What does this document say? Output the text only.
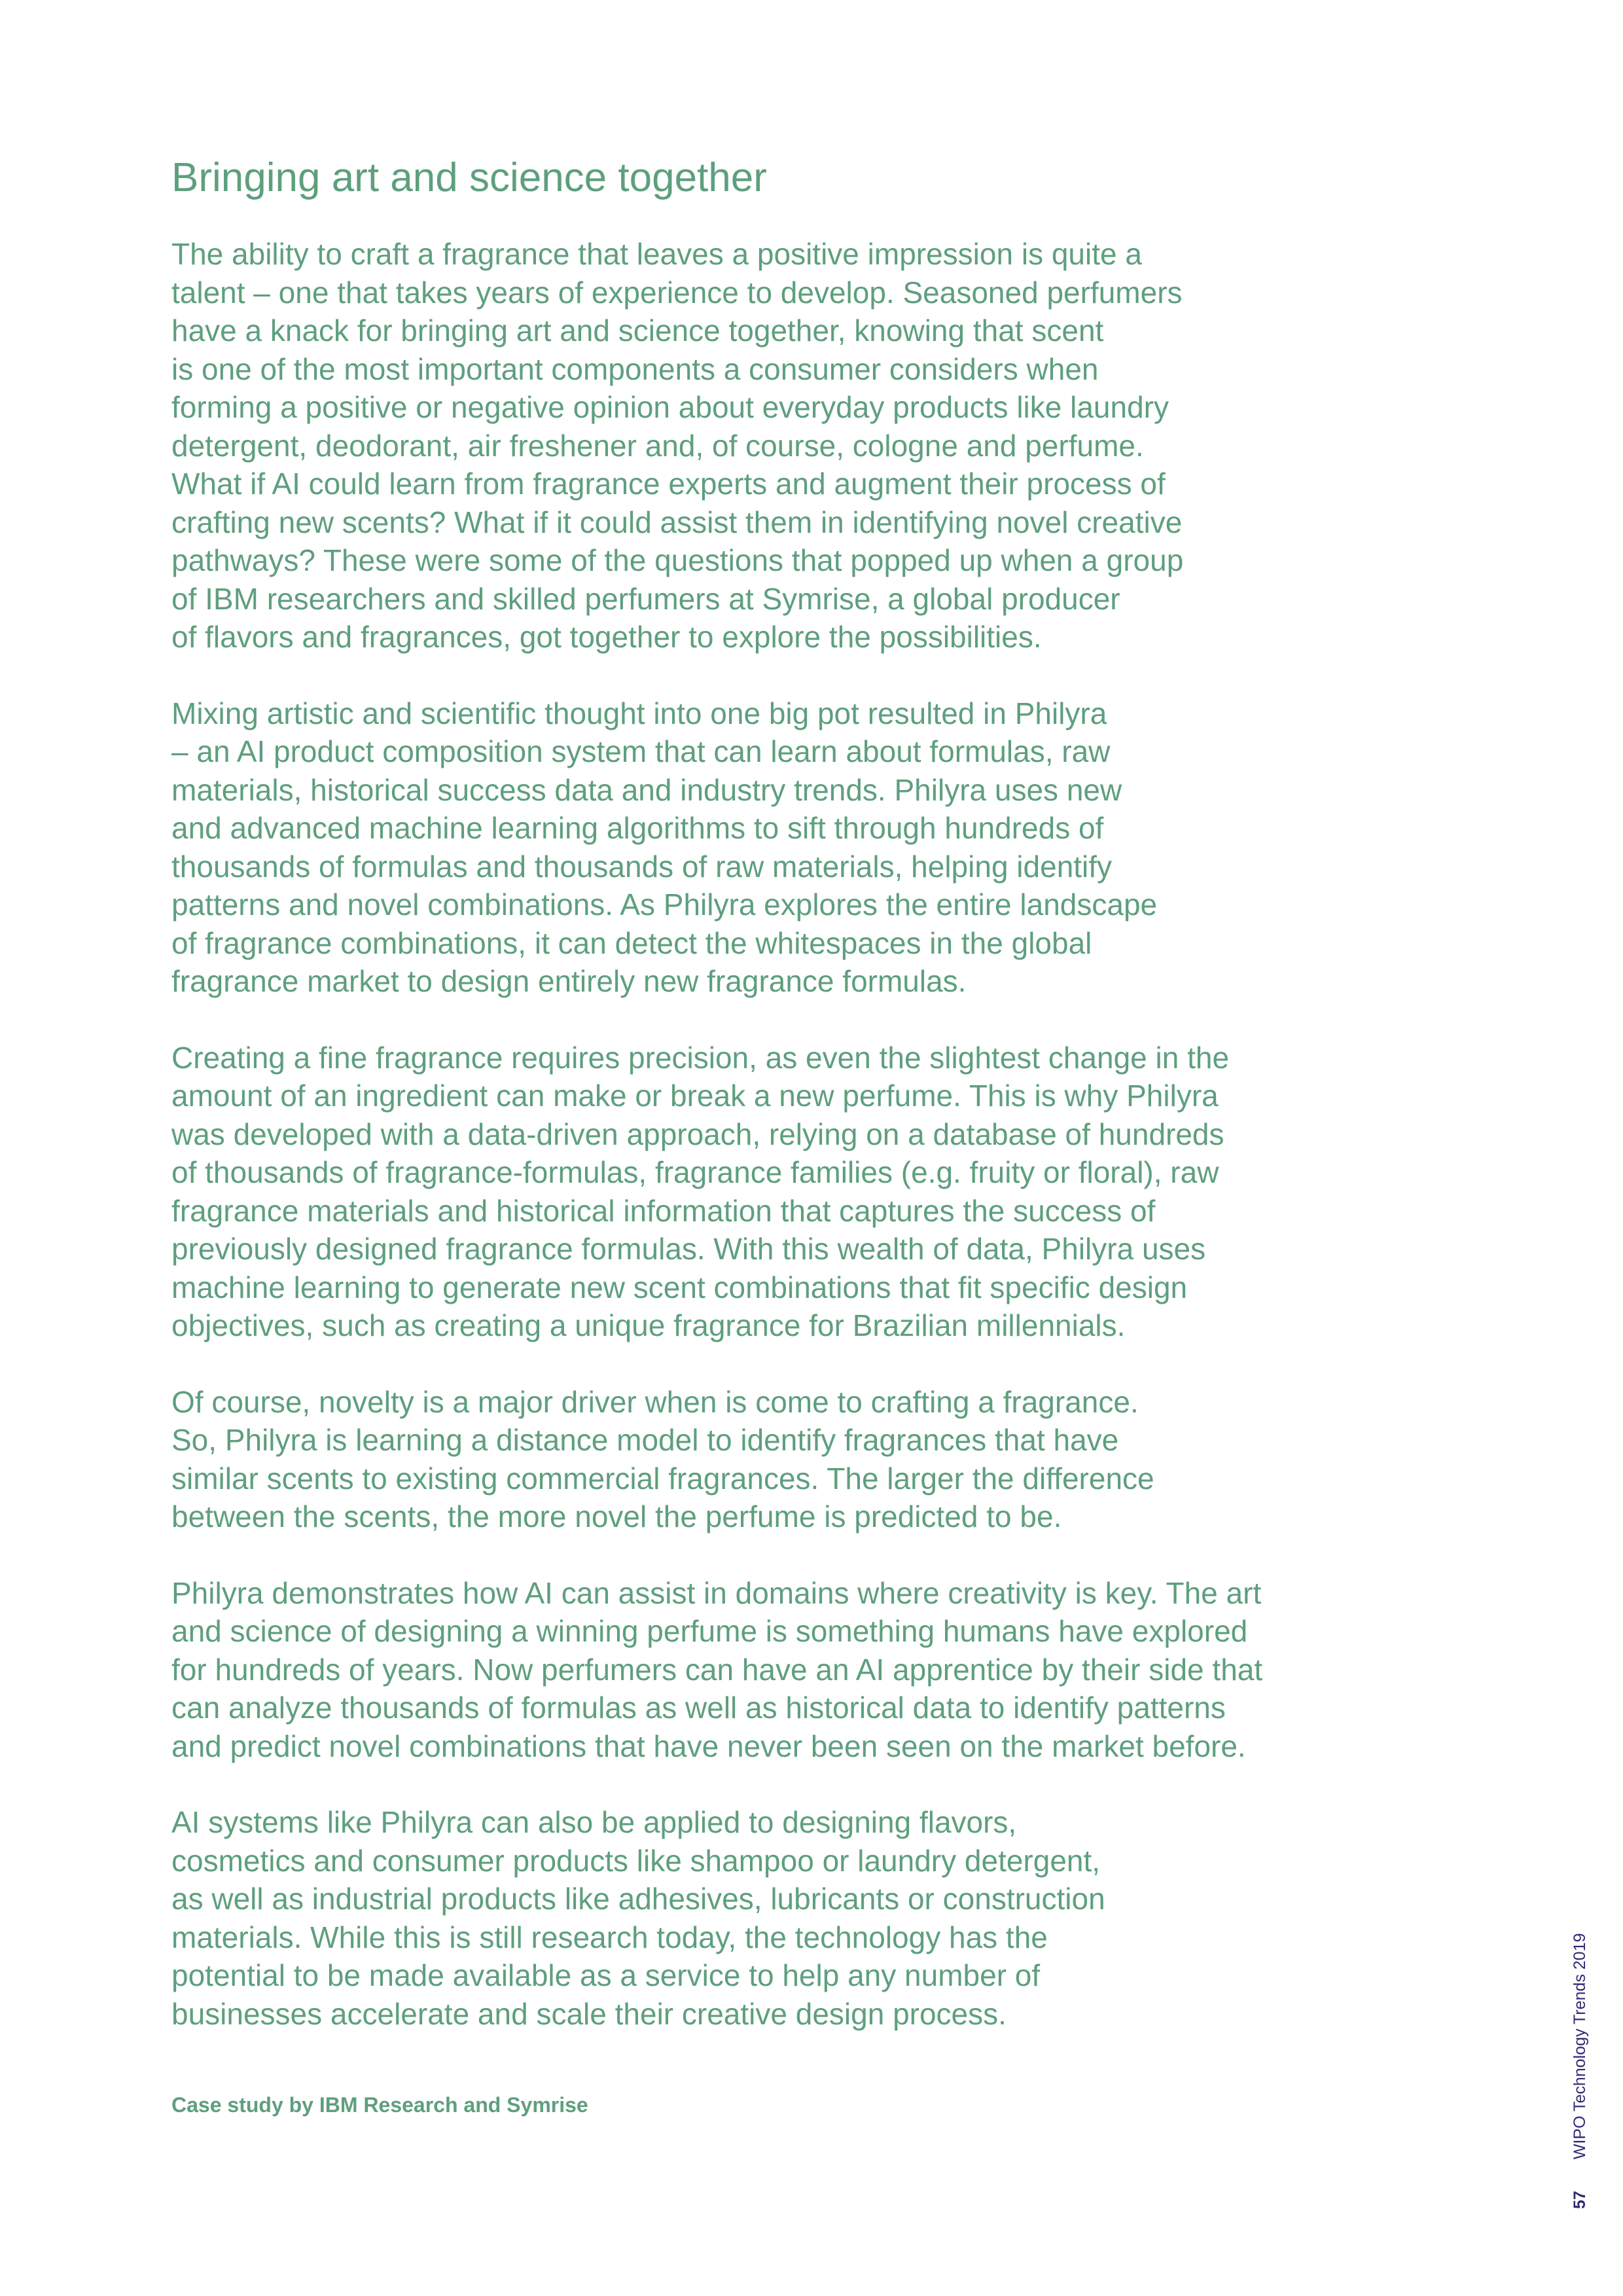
Bringing art and science together
The ability to craft a fragrance that leaves a positive impression is quite a
talent – one that takes years of experience to develop. Seasoned perfumers
have a knack for bringing art and science together, knowing that scent
is one of the most important components a consumer considers when
forming a positive or negative opinion about everyday products like laundry
detergent, deodorant, air freshener and, of course, cologne and perfume.
What if AI could learn from fragrance experts and augment their process of
crafting new scents? What if it could assist them in identifying novel creative
pathways? These were some of the questions that popped up when a group
of IBM researchers and skilled perfumers at Symrise, a global producer
of flavors and fragrances, got together to explore the possibilities.
Mixing artistic and scientific thought into one big pot resulted in Philyra
– an AI product composition system that can learn about formulas, raw
materials, historical success data and industry trends. Philyra uses new
and advanced machine learning algorithms to sift through hundreds of
thousands of formulas and thousands of raw materials, helping identify
patterns and novel combinations. As Philyra explores the entire landscape
of fragrance combinations, it can detect the whitespaces in the global
fragrance market to design entirely new fragrance formulas.
Creating a fine fragrance requires precision, as even the slightest change in the
amount of an ingredient can make or break a new perfume. This is why Philyra
was developed with a data-driven approach, relying on a database of hundreds
of thousands of fragrance-formulas, fragrance families (e.g. fruity or floral), raw
fragrance materials and historical information that captures the success of
previously designed fragrance formulas. With this wealth of data, Philyra uses
machine learning to generate new scent combinations that fit specific design
objectives, such as creating a unique fragrance for Brazilian millennials.
Of course, novelty is a major driver when is come to crafting a fragrance.
So, Philyra is learning a distance model to identify fragrances that have
similar scents to existing commercial fragrances. The larger the difference
between the scents, the more novel the perfume is predicted to be.
Philyra demonstrates how AI can assist in domains where creativity is key. The art
and science of designing a winning perfume is something humans have explored
for hundreds of years. Now perfumers can have an AI apprentice by their side that
can analyze thousands of formulas as well as historical data to identify patterns
and predict novel combinations that have never been seen on the market before.
AI systems like Philyra can also be applied to designing flavors,
cosmetics and consumer products like shampoo or laundry detergent,
as well as industrial products like adhesives, lubricants or construction
materials. While this is still research today, the technology has the
potential to be made available as a service to help any number of
businesses accelerate and scale their creative design process.
Case study by IBM Research and Symrise
57WIPO Technology Trends 2019
